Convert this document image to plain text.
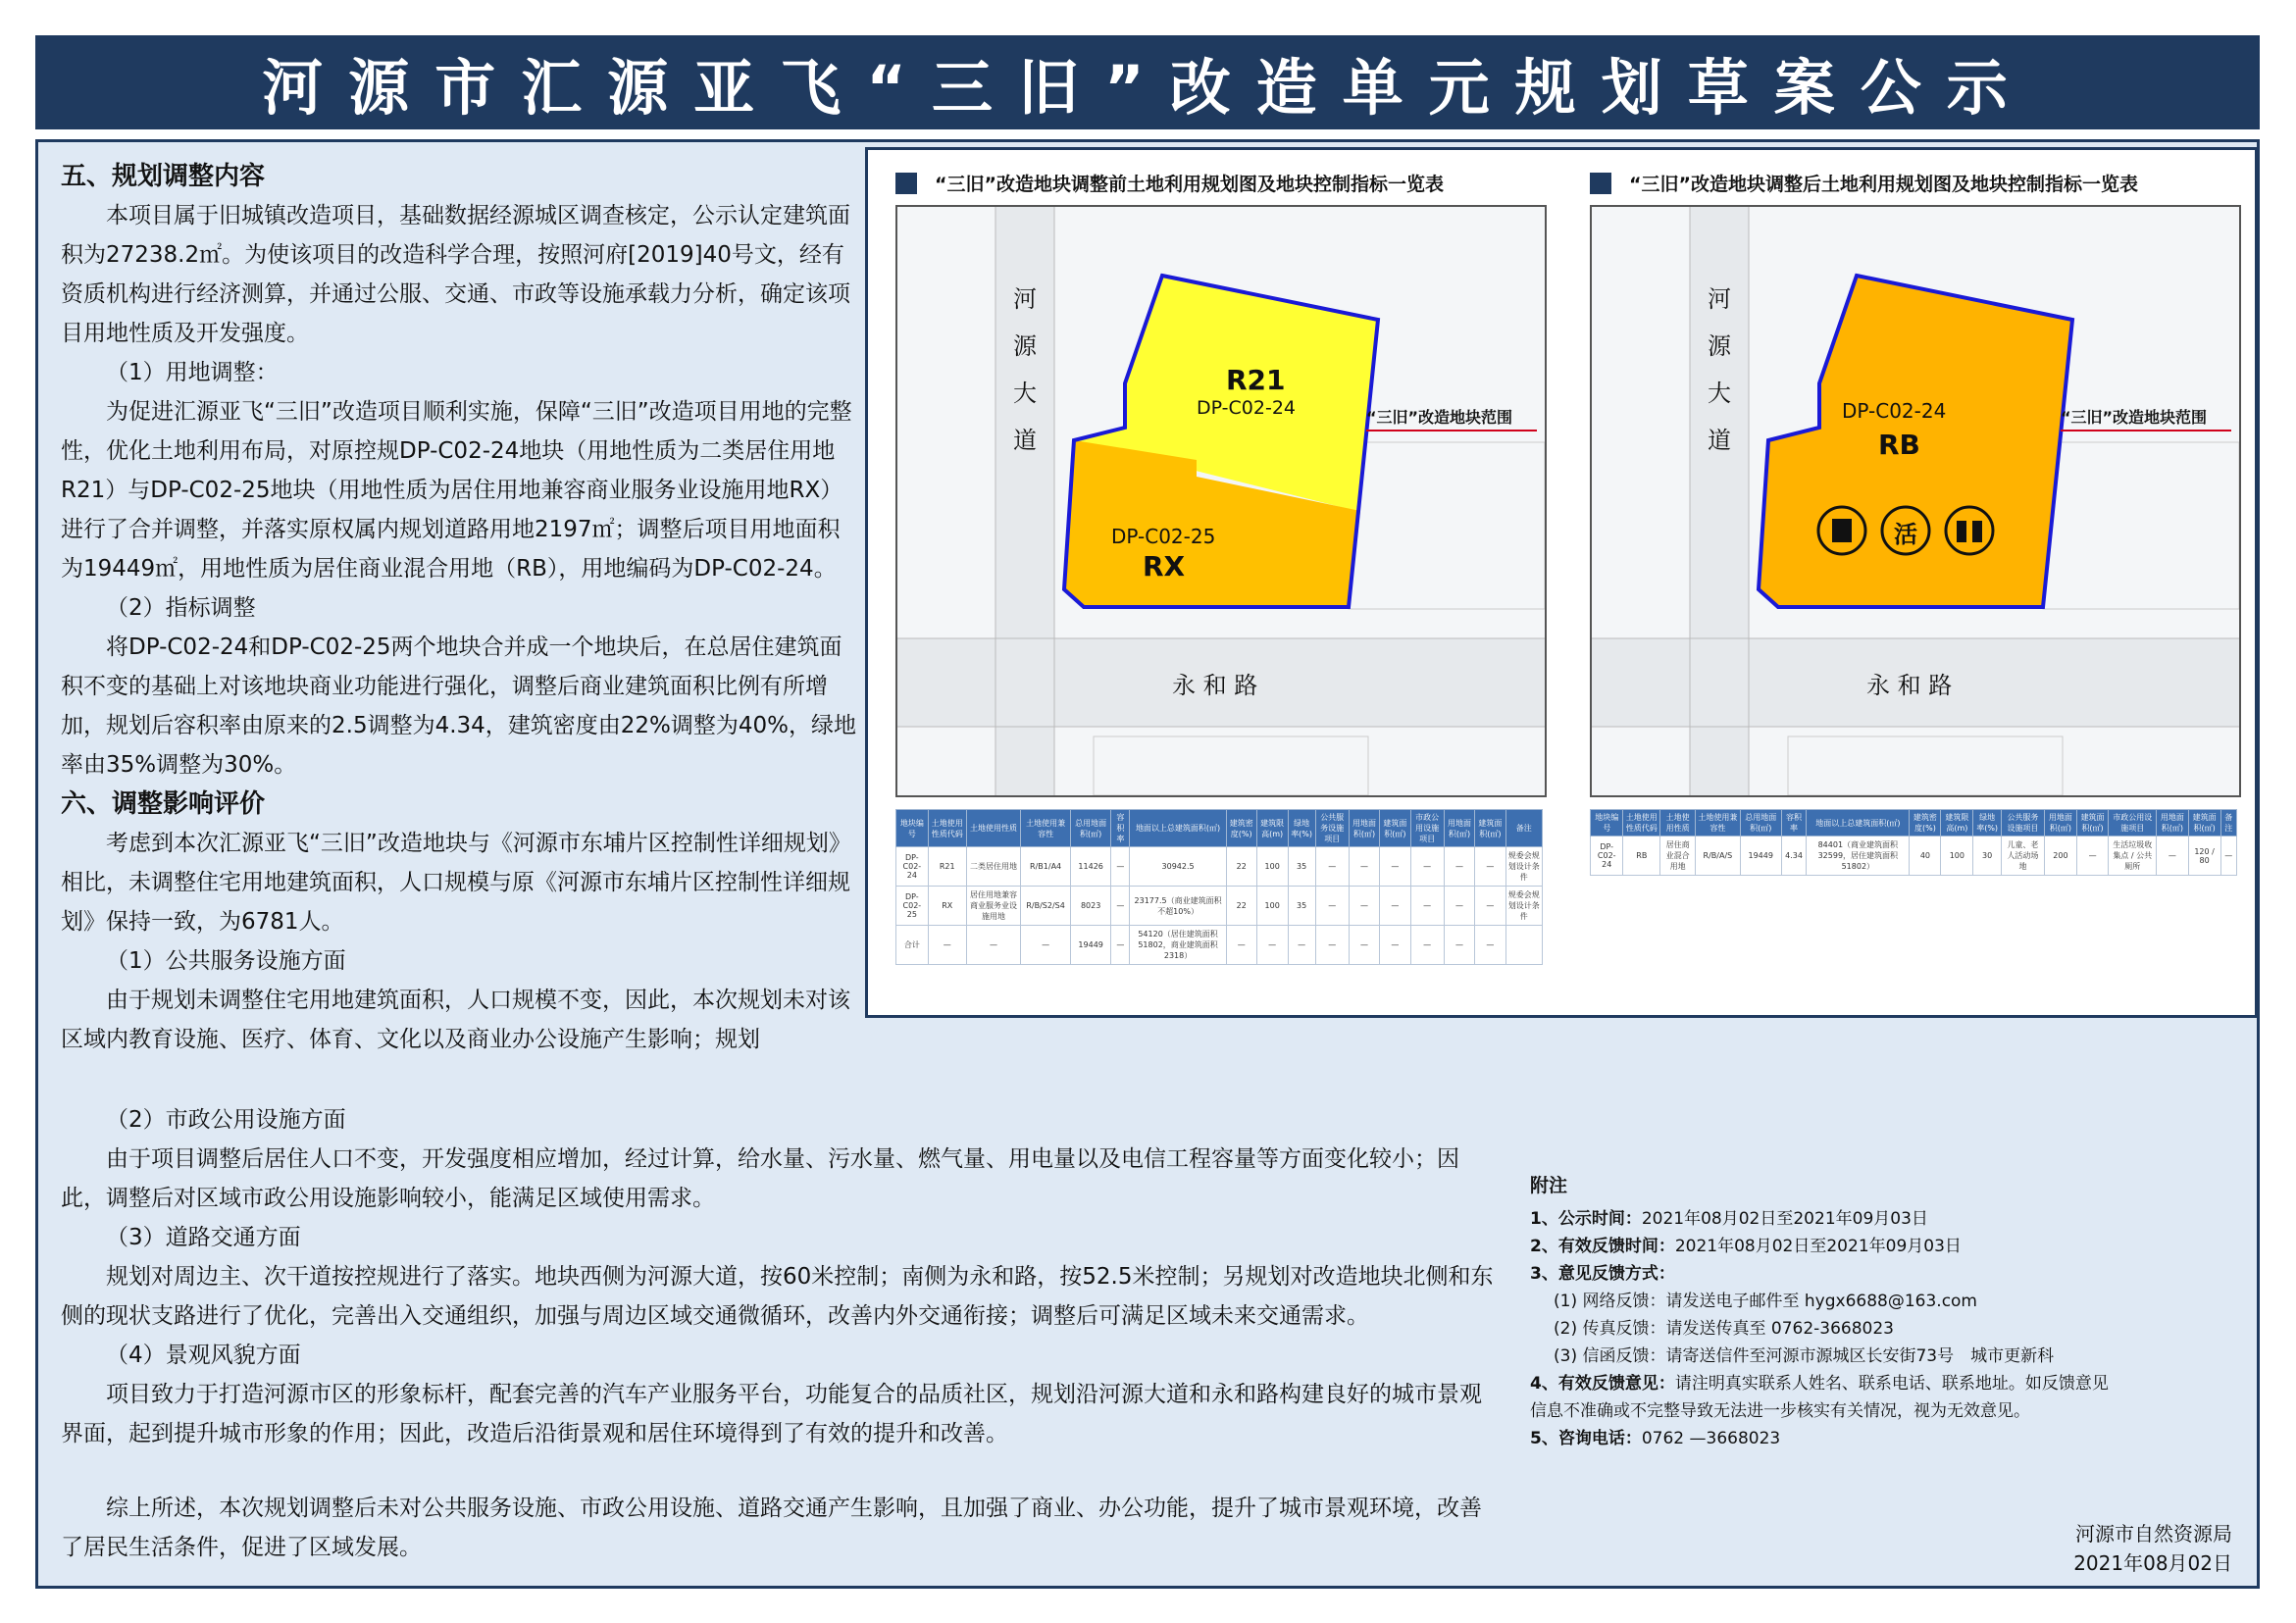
河源市汇源亚飞“三旧”改造单元规划草案公示
五、规划调整内容
本项目属于旧城镇改造项目，基础数据经源城区调查核定，公示认定建筑面积为27238.2㎡。为使该项目的改造科学合理，按照河府[2019]40号文，经有资质机构进行经济测算，并通过公服、交通、市政等设施承载力分析，确定该项目用地性质及开发强度。
（1）用地调整：
为促进汇源亚飞“三旧”改造项目顺利实施，保障“三旧”改造项目用地的完整性，优化土地利用布局，对原控规DP-C02-24地块（用地性质为二类居住用地R21）与DP-C02-25地块（用地性质为居住用地兼容商业服务业设施用地RX）进行了合并调整，并落实原权属内规划道路用地2197㎡；调整后项目用地面积为19449㎡，用地性质为居住商业混合用地（RB），用地编码为DP-C02-24。
（2）指标调整
将DP-C02-24和DP-C02-25两个地块合并成一个地块后，在总居住建筑面积不变的基础上对该地块商业功能进行强化，调整后商业建筑面积比例有所增加，规划后容积率由原来的2.5调整为4.34，建筑密度由22%调整为40%，绿地率由35%调整为30%。
六、调整影响评价
考虑到本次汇源亚飞“三旧”改造地块与《河源市东埔片区控制性详细规划》相比，未调整住宅用地建筑面积，人口规模与原《河源市东埔片区控制性详细规划》保持一致，为6781人。
（1）公共服务设施方面
由于规划未调整住宅用地建筑面积，人口规模不变，因此，本次规划未对该区域内教育设施、医疗、体育、文化以及商业办公设施产生影响；规划
（2）市政公用设施方面
由于项目调整后居住人口不变，开发强度相应增加，经过计算，给水量、污水量、燃气量、用电量以及电信工程容量等方面变化较小；因此，调整后对区域市政公用设施影响较小，能满足区域使用需求。
（3）道路交通方面
规划对周边主、次干道按控规进行了落实。地块西侧为河源大道，按60米控制；南侧为永和路，按52.5米控制；另规划对改造地块北侧和东侧的现状支路进行了优化，完善出入交通组织，加强与周边区域交通微循环，改善内外交通衔接；调整后可满足区域未来交通需求。
（4）景观风貌方面
项目致力于打造河源市区的形象标杆，配套完善的汽车产业服务平台，功能复合的品质社区，规划沿河源大道和永和路构建良好的城市景观界面，起到提升城市形象的作用；因此，改造后沿街景观和居住环境得到了有效的提升和改善。
综上所述，本次规划调整后未对公共服务设施、市政公用设施、道路交通产生影响，且加强了商业、办公功能，提升了城市景观环境，改善了居民生活条件，促进了区域发展。
“三旧”改造地块调整前土地利用规划图及地块控制指标一览表
河
源
大
道
永 和 路
“三旧”改造地块范围
R21
DP-C02-24
DP-C02-25
RX
地块编号	土地使用性质代码	土地使用性质	土地使用兼容性	总用地面积(㎡)	容积率	地面以上总建筑面积(㎡)	建筑密度(%)	建筑限高(m)	绿地率(%)	公共服务设施项目	用地面积(㎡)	建筑面积(㎡)	市政公用设施项目	用地面积(㎡)	建筑面积(㎡)	备注
DP-C02-24	R21	二类居住用地	R/B1/A4	11426	—	30942.5	22	100	35	—	—	—	—	—	—	规委会规划设计条件
DP-C02-25	RX	居住用地兼容商业服务业设施用地	R/B/S2/S4	8023	—	23177.5（商业建筑面积不超10%）	22	100	35	—	—	—	—	—	—	规委会规划设计条件
合计	—	—	—	19449	—	54120（居住建筑面积51802，商业建筑面积2318）	—	—	—	—	—	—	—	—	—	
“三旧”改造地块调整后土地利用规划图及地块控制指标一览表
河
源
大
道
永 和 路
“三旧”改造地块范围
DP-C02-24
RB
活
地块编号	土地使用性质代码	土地使用性质	土地使用兼容性	总用地面积(㎡)	容积率	地面以上总建筑面积(㎡)	建筑密度(%)	建筑限高(m)	绿地率(%)	公共服务设施项目	用地面积(㎡)	建筑面积(㎡)	市政公用设施项目	用地面积(㎡)	建筑面积(㎡)	备注
DP-C02-24	RB	居住商业混合用地	R/B/A/S	19449	4.34	84401（商业建筑面积32599，居住建筑面积51802）	40	100	30	儿童、老人活动场地	200	—	生活垃圾收集点 / 公共厕所	—	120 / 80	—
附注
1、公示时间：2021年08月02日至2021年09月03日
2、有效反馈时间：2021年08月02日至2021年09月03日
3、意见反馈方式：
(1) 网络反馈：请发送电子邮件至 hygx6688@163.com
(2) 传真反馈：请发送传真至 0762-3668023
(3) 信函反馈：请寄送信件至河源市源城区长安街73号　城市更新科
4、有效反馈意见：请注明真实联系人姓名、联系电话、联系地址。如反馈意见信息不准确或不完整导致无法进一步核实有关情况，视为无效意见。
5、咨询电话：0762 —3668023
河源市自然资源局
2021年08月02日
